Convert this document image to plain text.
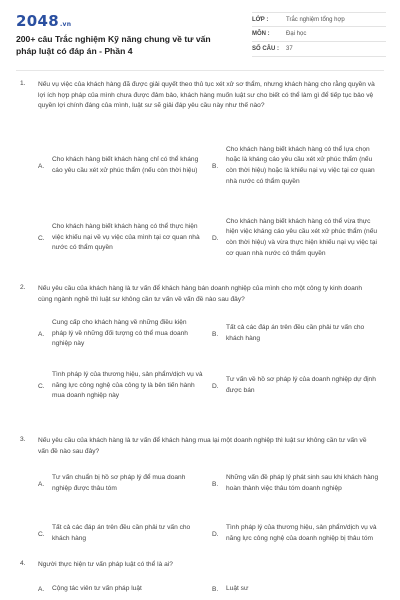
2048.vn
200+ câu Trắc nghiệm Kỹ năng chung về tư vấn pháp luật có đáp án - Phần 4
LỚP :	Trắc nghiệm tổng hợp
MÔN :	Đại học
SỐ CÂU :	37
1. Nếu vụ việc của khách hàng đã được giải quyết theo thủ tục xét xử sơ thẩm, nhưng khách hàng cho rằng quyền và lợi ích hợp pháp của mình chưa được đảm bảo, khách hàng muốn luật sư cho biết có thể làm gì để tiếp tục bảo vệ quyền lợi chính đáng của mình, luật sư sẽ giải đáp yêu cầu này như thế nào?
A.
Cho khách hàng biết khách hàng chỉ có thể kháng cáo yêu cầu xét xử phúc thẩm (nếu còn thời hiệu)
B.
Cho khách hàng biết khách hàng có thể lựa chọn hoặc là kháng cáo yêu cầu xét xử phúc thẩm (nếu còn thời hiệu) hoặc là khiếu nại vụ việc tại cơ quan nhà nước có thẩm quyền
C.
Cho khách hàng biết khách hàng có thể thực hiện việc khiếu nại về vụ việc của mình tại cơ quan nhà nước có thẩm quyền
D.
Cho khách hàng biết khách hàng có thể vừa thực hiện việc kháng cáo yêu cầu xét xử phúc thẩm (nếu còn thời hiệu) và vừa thực hiện khiếu nại vụ việc tại cơ quan nhà nước có thẩm quyền
2. Nếu yêu cầu của khách hàng là tư vấn để khách hàng bán doanh nghiệp của mình cho một công ty kinh doanh cùng ngành nghề thì luật sư không cần tư vấn về vấn đề nào sau đây?
A.
Cung cấp cho khách hàng về những điều kiện pháp lý về những đối tượng có thể mua doanh nghiệp này
B.
Tất cả các đáp án trên đều cần phải tư vấn cho khách hàng
C.
Tình pháp lý của thương hiệu, sản phẩm/dịch vụ và năng lực công nghệ của công ty là bên tiến hành mua doanh nghiệp này
D.
Tư vấn về hồ sơ pháp lý của doanh nghiệp dự định được bán
3. Nếu yêu cầu của khách hàng là tư vấn để khách hàng mua lại một doanh nghiệp thì luật sư không cần tư vấn về vấn đề nào sau đây?
A.
Tư vấn chuẩn bị hồ sơ pháp lý để mua doanh nghiệp được thâu tóm
B.
Những vấn đề pháp lý phát sinh sau khi khách hàng hoàn thành việc thâu tóm doanh nghiệp
C.
Tất cả các đáp án trên đều cần phải tư vấn cho khách hàng
D.
Tình pháp lý của thương hiệu, sản phẩm/dịch vụ và năng lực công nghệ của doanh nghiệp bị thâu tóm
4. Người thực hiện tư vấn pháp luật có thể là ai?
A.	Cộng tác viên tư vấn pháp luật	B.	Luật sư
